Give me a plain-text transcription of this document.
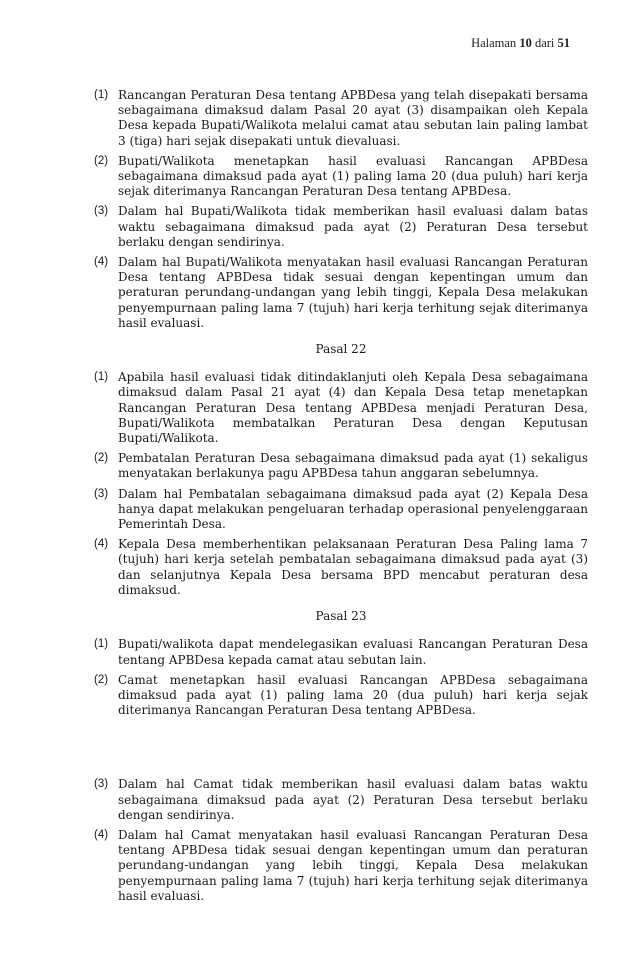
Halaman 10 dari 51
(1) Rancangan Peraturan Desa tentang APBDesa yang telah disepakati bersama sebagaimana dimaksud dalam Pasal 20 ayat (3) disampaikan oleh Kepala Desa kepada Bupati/Walikota melalui camat atau sebutan lain paling lambat 3 (tiga) hari sejak disepakati untuk dievaluasi.
(2) Bupati/Walikota menetapkan hasil evaluasi Rancangan APBDesa sebagaimana dimaksud pada ayat (1) paling lama 20 (dua puluh) hari kerja sejak diterimanya Rancangan Peraturan Desa tentang APBDesa.
(3) Dalam hal Bupati/Walikota tidak memberikan hasil evaluasi dalam batas waktu sebagaimana dimaksud pada ayat (2) Peraturan Desa tersebut berlaku dengan sendirinya.
(4) Dalam hal Bupati/Walikota menyatakan hasil evaluasi Rancangan Peraturan Desa tentang APBDesa tidak sesuai dengan kepentingan umum dan peraturan perundang-undangan yang lebih tinggi, Kepala Desa melakukan penyempurnaan paling lama 7 (tujuh) hari kerja terhitung sejak diterimanya hasil evaluasi.
Pasal 22
(1) Apabila hasil evaluasi tidak ditindaklanjuti oleh Kepala Desa sebagaimana dimaksud dalam Pasal 21 ayat (4) dan Kepala Desa tetap menetapkan Rancangan Peraturan Desa tentang APBDesa menjadi Peraturan Desa, Bupati/Walikota membatalkan Peraturan Desa dengan Keputusan Bupati/Walikota.
(2) Pembatalan Peraturan Desa sebagaimana dimaksud pada ayat (1) sekaligus menyatakan berlakunya pagu APBDesa tahun anggaran sebelumnya.
(3) Dalam hal Pembatalan sebagaimana dimaksud pada ayat (2) Kepala Desa hanya dapat melakukan pengeluaran terhadap operasional penyelenggaraan Pemerintah Desa.
(4) Kepala Desa memberhentikan pelaksanaan Peraturan Desa Paling lama 7 (tujuh) hari kerja setelah pembatalan sebagaimana dimaksud pada ayat (3) dan selanjutnya Kepala Desa bersama BPD mencabut peraturan desa dimaksud.
Pasal 23
(1) Bupati/walikota dapat mendelegasikan evaluasi Rancangan Peraturan Desa tentang APBDesa kepada camat atau sebutan lain.
(2) Camat menetapkan hasil evaluasi Rancangan APBDesa sebagaimana dimaksud pada ayat (1) paling lama 20 (dua puluh) hari kerja sejak diterimanya Rancangan Peraturan Desa tentang APBDesa.
(3) Dalam hal Camat tidak memberikan hasil evaluasi dalam batas waktu sebagaimana dimaksud pada ayat (2) Peraturan Desa tersebut berlaku dengan sendirinya.
(4) Dalam hal Camat menyatakan hasil evaluasi Rancangan Peraturan Desa tentang APBDesa tidak sesuai dengan kepentingan umum dan peraturan perundang-undangan yang lebih tinggi, Kepala Desa melakukan penyempurnaan paling lama 7 (tujuh) hari kerja terhitung sejak diterimanya hasil evaluasi.
